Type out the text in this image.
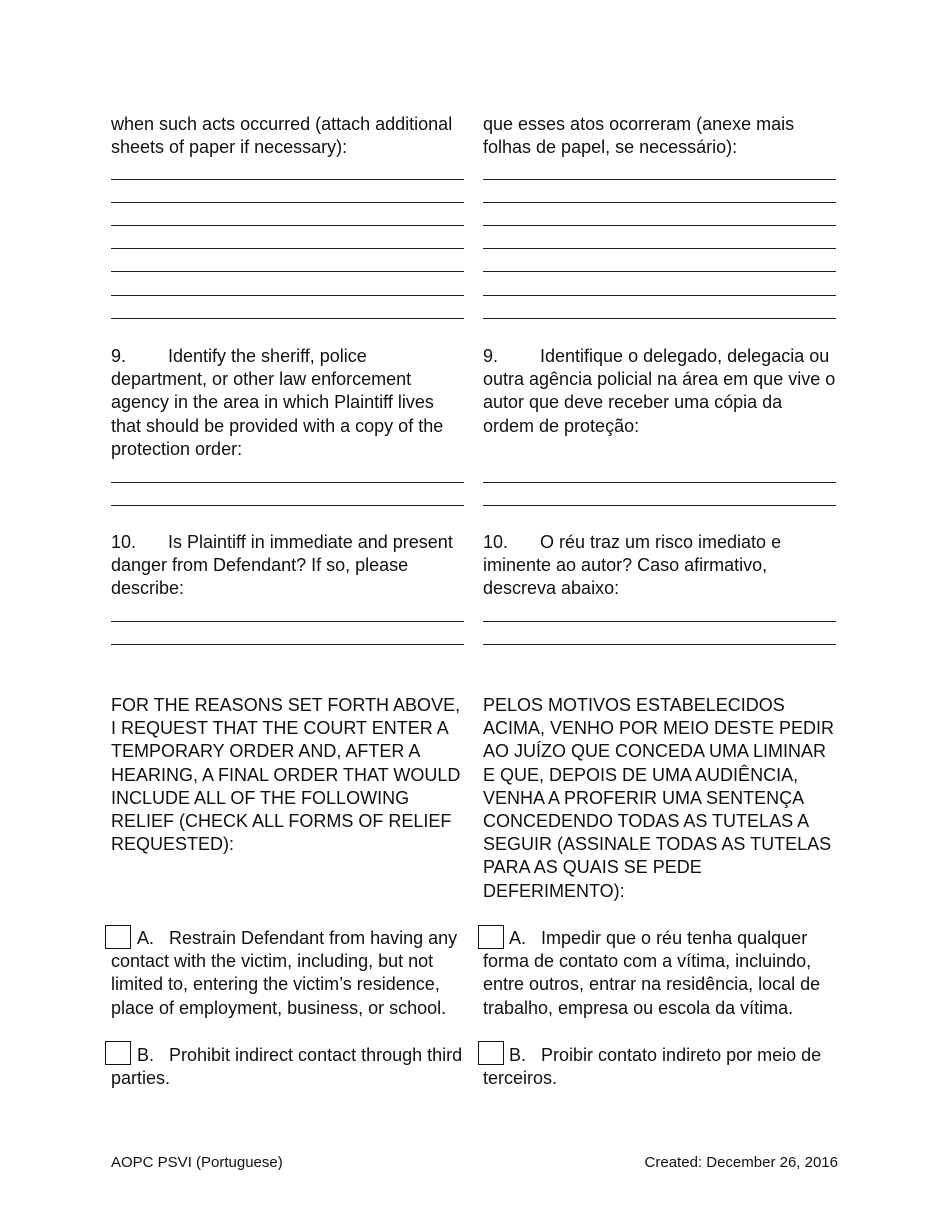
when such acts occurred (attach additional sheets of paper if necessary):
que esses atos ocorreram (anexe mais folhas de papel, se necessário):
9. Identify the sheriff, police department, or other law enforcement agency in the area in which Plaintiff lives that should be provided with a copy of the protection order:
9. Identifique o delegado, delegacia ou outra agência policial na área em que vive o autor que deve receber uma cópia da ordem de proteção:
10. Is Plaintiff in immediate and present danger from Defendant? If so, please describe:
10. O réu traz um risco imediato e iminente ao autor? Caso afirmativo, descreva abaixo:
FOR THE REASONS SET FORTH ABOVE, I REQUEST THAT THE COURT ENTER A TEMPORARY ORDER AND, AFTER A HEARING, A FINAL ORDER THAT WOULD INCLUDE ALL OF THE FOLLOWING RELIEF (CHECK ALL FORMS OF RELIEF REQUESTED):
PELOS MOTIVOS ESTABELECIDOS ACIMA, VENHO POR MEIO DESTE PEDIR AO JUÍZO QUE CONCEDA UMA LIMINAR E QUE, DEPOIS DE UMA AUDIÊNCIA, VENHA A PROFERIR UMA SENTENÇA CONCEDENDO TODAS AS TUTELAS A SEGUIR (ASSINALE TODAS AS TUTELAS PARA AS QUAIS SE PEDE DEFERIMENTO):
A. Restrain Defendant from having any contact with the victim, including, but not limited to, entering the victim’s residence, place of employment, business, or school.
A. Impedir que o réu tenha qualquer forma de contato com a vítima, incluindo, entre outros, entrar na residência, local de trabalho, empresa ou escola da vítima.
B. Prohibit indirect contact through third parties.
B. Proibir contato indireto por meio de terceiros.
AOPC PSVI (Portuguese)	Created: December 26, 2016
